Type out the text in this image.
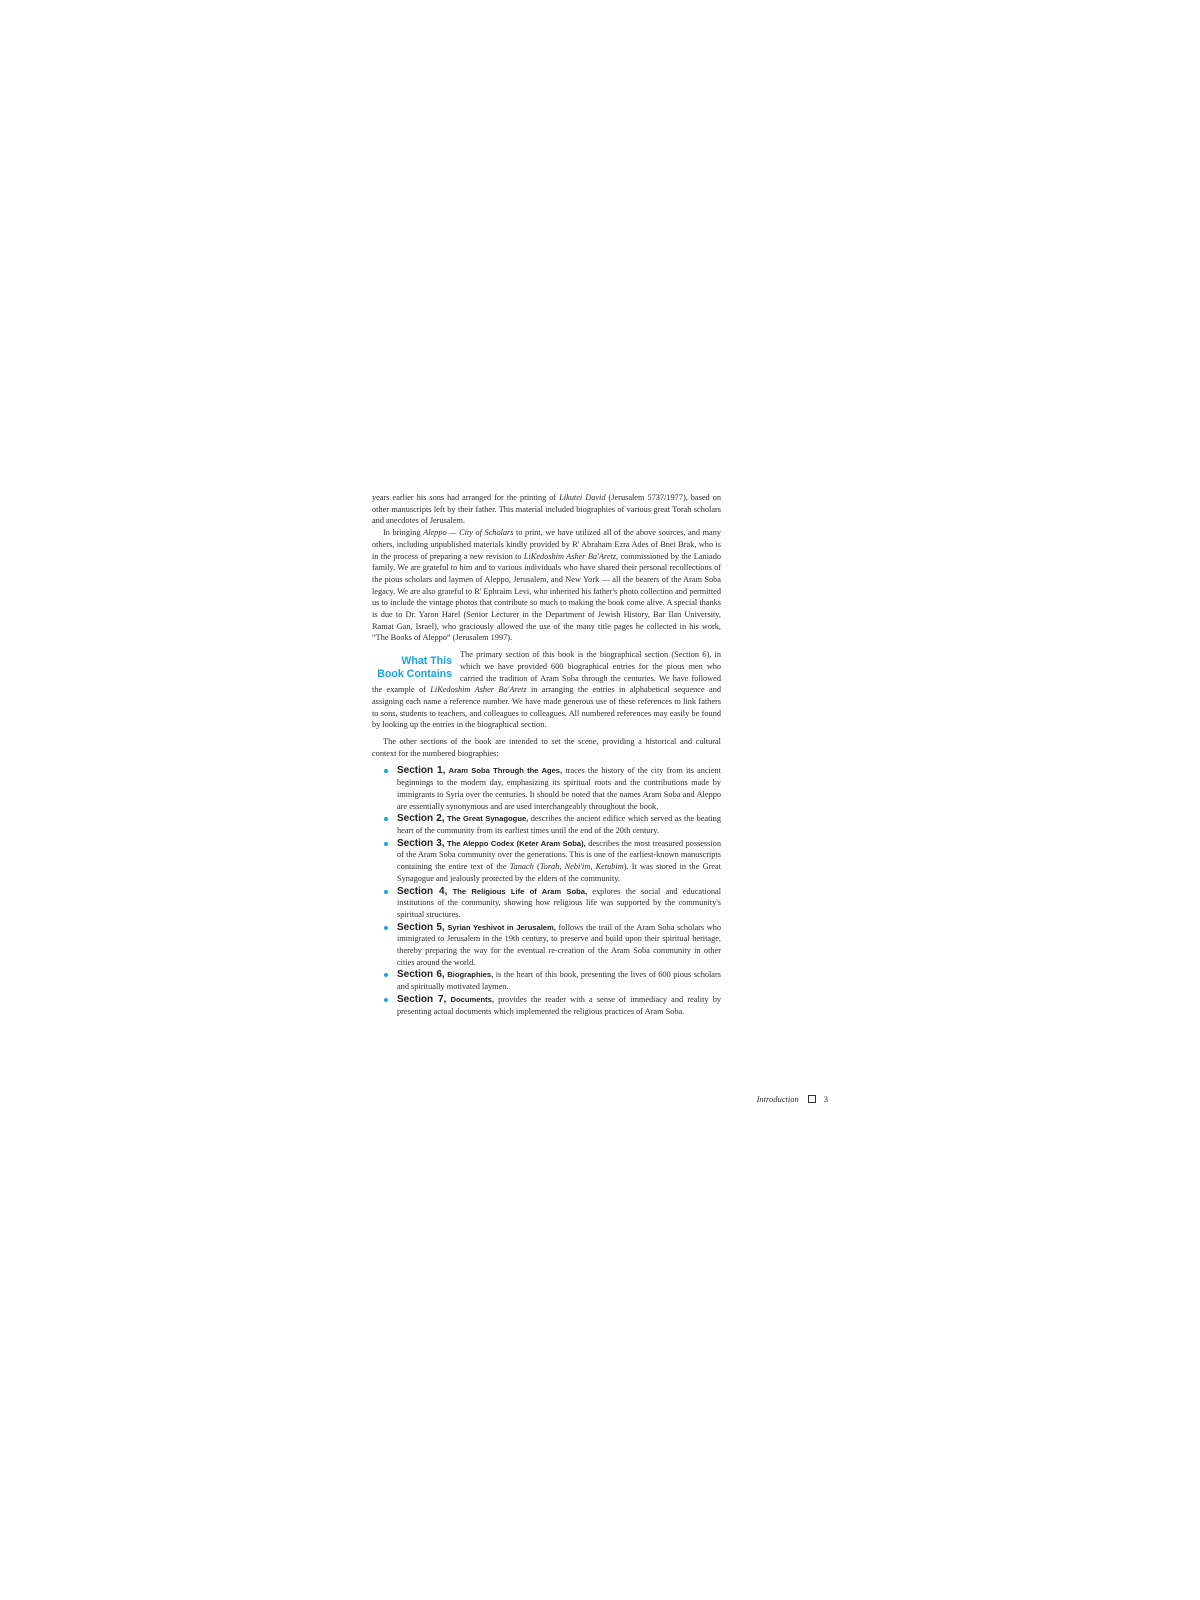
years earlier his sons had arranged for the printing of Likutei David (Jerusalem 5737/1977), based on other manuscripts left by their father. This material included biographies of various great Torah scholars and anecdotes of Jerusalem.

In bringing Aleppo — City of Scholars to print, we have utilized all of the above sources, and many others, including unpublished materials kindly provided by R' Abraham Ezra Ades of Bnei Brak, who is in the process of preparing a new revision to LiKedoshim Asher Ba'Aretz, commissioned by the Laniado family. We are grateful to him and to various individuals who have shared their personal recollections of the pious scholars and laymen of Aleppo, Jerusalem, and New York — all the bearers of the Aram Soba legacy. We are also grateful to R' Ephraim Levi, who inherited his father's photo collection and permitted us to include the vintage photos that contribute so much to making the book come alive. A special thanks is due to Dr. Yaron Harel (Senior Lecturer in the Department of Jewish History, Bar Ilan University, Ramat Gan, Israel), who graciously allowed the use of the many title pages he collected in his work, “The Books of Aleppo” (Jerusalem 1997).

What This
Book Contains
The primary section of this book is the biographical section (Section 6), in which we have provided 600 biographical entries for the pious men who carried the tradition of Aram Soba through the centuries. We have followed the example of LiKedoshim Asher Ba'Aretz in arranging the entries in alphabetical sequence and assigning each name a reference number. We have made generous use of these references to link fathers to sons, students to teachers, and colleagues to colleagues. All numbered references may easily be found by looking up the entries in the biographical section.

The other sections of the book are intended to set the scene, providing a historical and cultural context for the numbered biographies:

Section 1, Aram Soba Through the Ages, traces the history of the city from its ancient beginnings to the modern day, emphasizing its spiritual roots and the contributions made by immigrants to Syria over the centuries. It should be noted that the names Aram Soba and Aleppo are essentially synonymous and are used interchangeably throughout the book.
Section 2, The Great Synagogue, describes the ancient edifice which served as the beating heart of the community from its earliest times until the end of the 20th century.
Section 3, The Aleppo Codex (Keter Aram Soba), describes the most treasured possession of the Aram Soba community over the generations. This is one of the earliest-known manuscripts containing the entire text of the Tanach (Torah, Nebi'im, Ketubim). It was stored in the Great Synagogue and jealously protected by the elders of the community.
Section 4, The Religious Life of Aram Soba, explores the social and educational institutions of the community, showing how religious life was supported by the community's spiritual structures.
Section 5, Syrian Yeshivot in Jerusalem, follows the trail of the Aram Soba scholars who immigrated to Jerusalem in the 19th century, to preserve and build upon their spiritual heritage, thereby preparing the way for the eventual re-creation of the Aram Soba community in other cities around the world.
Section 6, Biographies, is the heart of this book, presenting the lives of 600 pious scholars and spiritually motivated laymen.
Section 7, Documents, provides the reader with a sense of immediacy and reality by presenting actual documents which implemented the religious practices of Aram Soba.
Introduction	3
